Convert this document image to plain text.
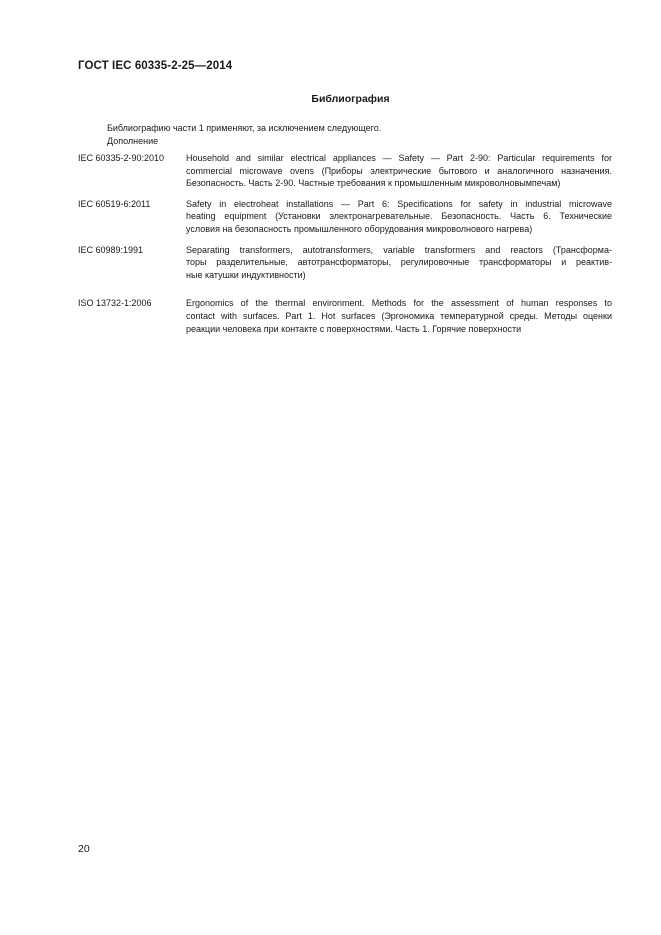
ГОСТ IEC 60335-2-25—2014
Библиография
Библиографию части 1 применяют, за исключением следующего.
Дополнение
IEC 60335-2-90:2010	Household and similar electrical appliances — Safety — Part 2-90: Particular requirements for
commercial microwave ovens (Приборы электрические бытового и аналогичного назначения.
Безопасность. Часть 2-90. Частные требования к промышленным микроволновымпечам)
IEC 60519-6:2011	Safety in electroheat installations — Part 6: Specifications for safety in industrial microwave
heating equipment (Установки электронагревательные. Безопасность. Часть 6. Технические
условия на безопасность промышленного оборудования микроволнового нагрева)
IEC 60989:1991	Separating transformers, autotransformers, variable transformers and reactors (Трансформа-
торы разделительные, автотрансформаторы, регулировочные трансформаторы и реактив-
ные катушки индуктивности)
ISO 13732-1:2006	Ergonomics of the thermal environment. Methods for the assessment of human responses to
contact with surfaces. Part 1. Hot surfaces (Эргономика температурной среды. Методы оценки
реакции человека при контакте с поверхностями. Часть 1. Горячие поверхности
20
